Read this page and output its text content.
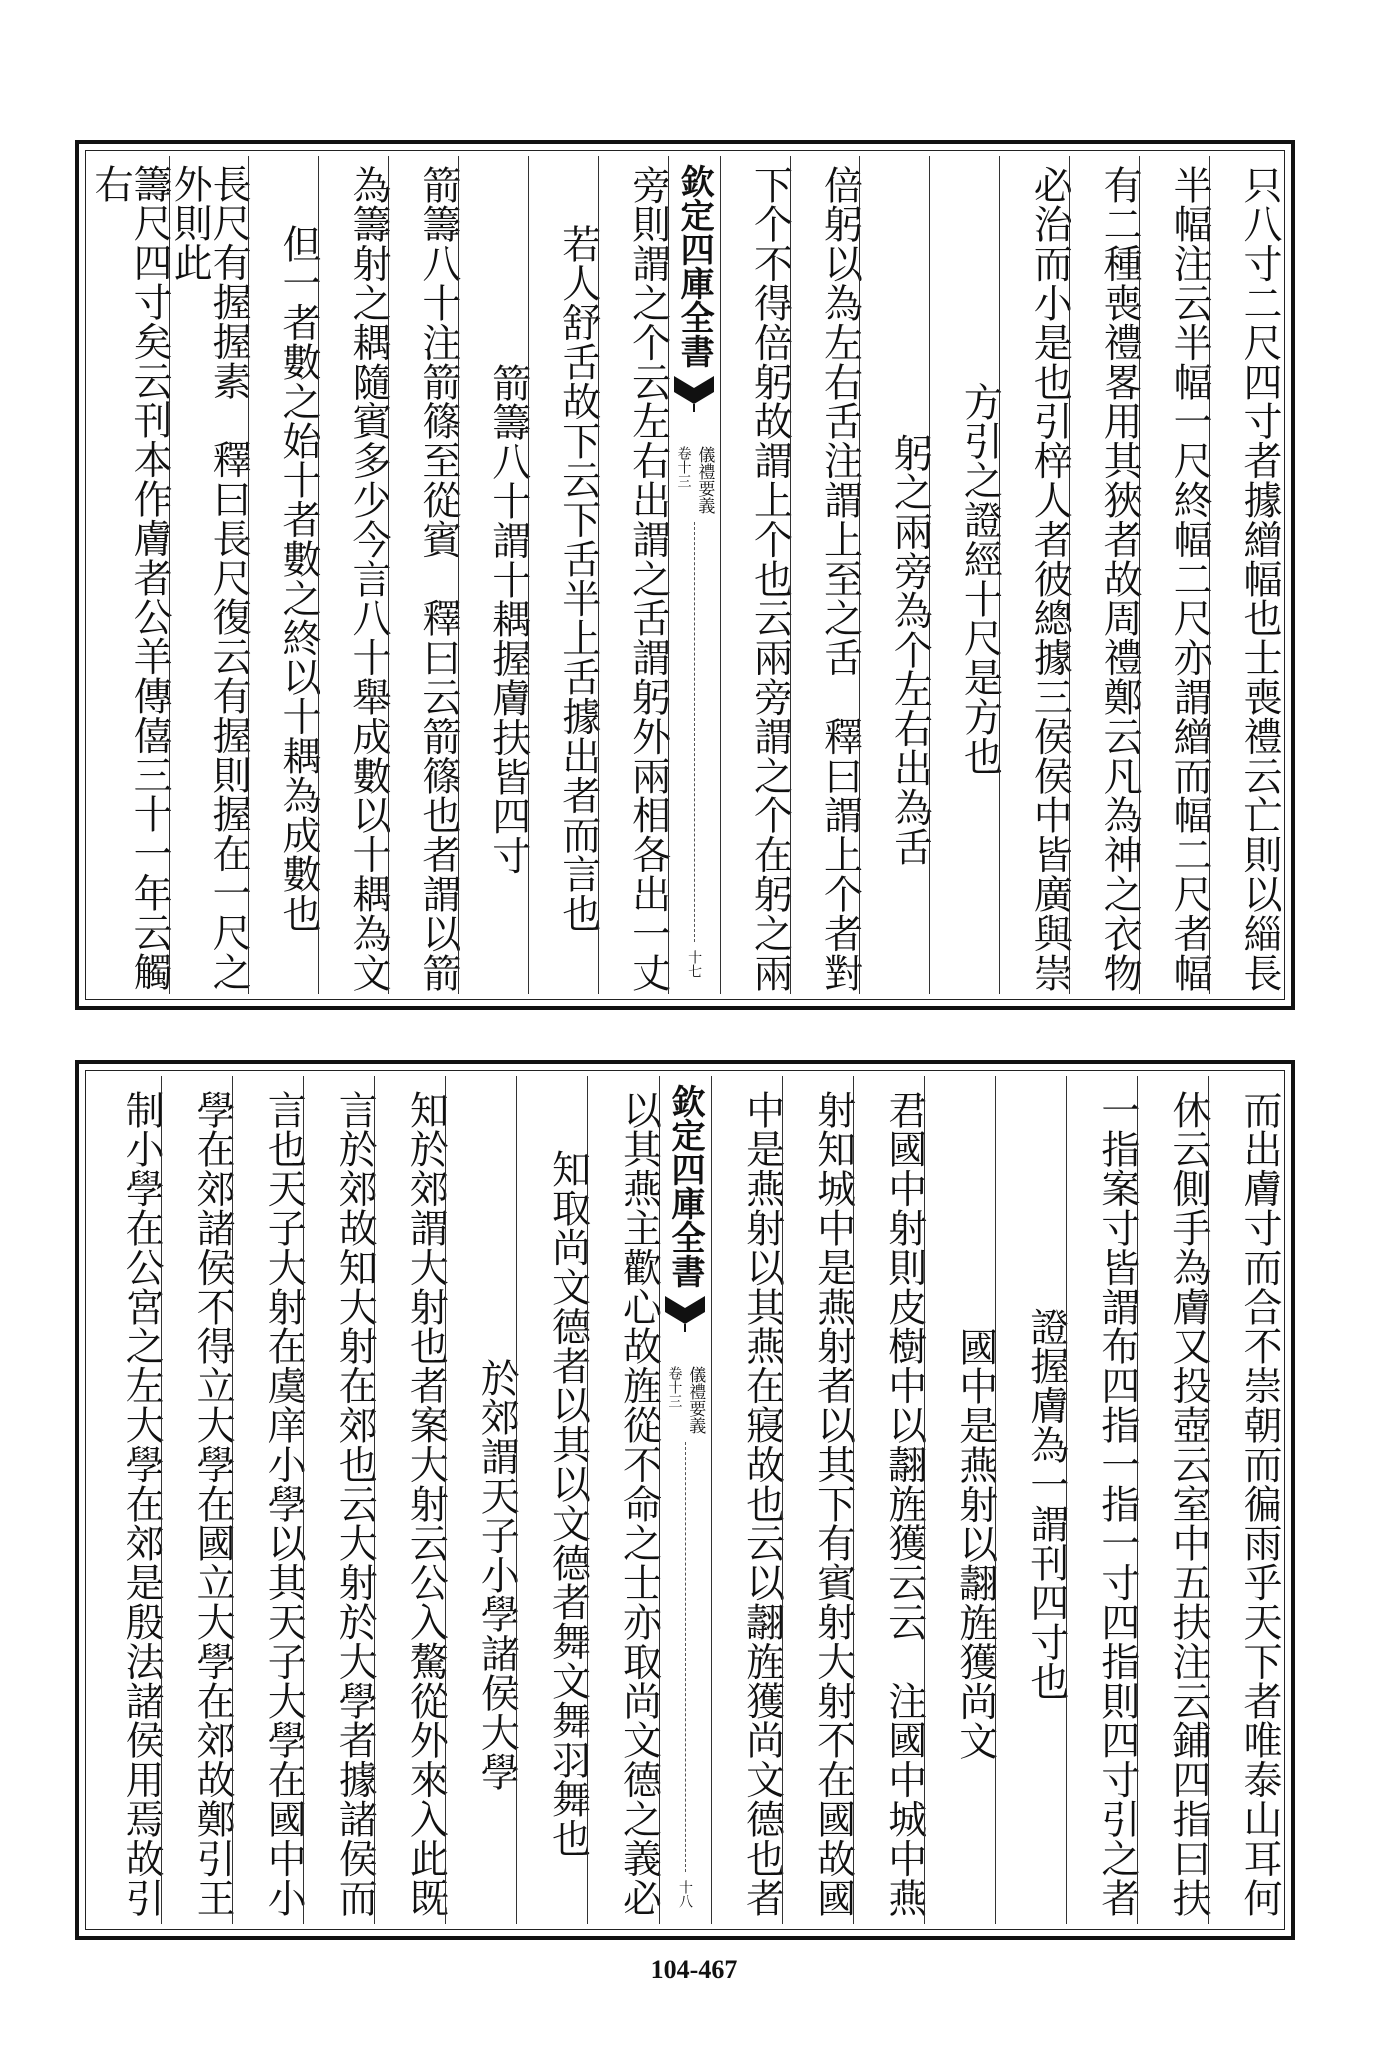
只八寸二尺四寸者據繒幅也士喪禮云亡則以緇長
半幅注云半幅一尺終幅二尺亦謂繒而幅二尺者幅
有二種喪禮畧用其狹者故周禮鄭云凡為神之衣物
必治而小是也引梓人者彼總據三侯侯中皆廣與崇
方引之證經十尺是方也
躬之兩旁為个左右出為舌
倍躬以為左右舌注謂上至之舌　釋曰謂上个者對
下个不得倍躬故謂上个也云兩旁謂之个在躬之兩
欽定四庫全書
儀禮要義
卷十三
十七
旁則謂之个云左右出謂之舌謂躬外兩相各出一丈
若人舒舌故下云下舌半上舌據出者而言也
箭籌八十謂十耦握膚扶皆四寸
箭籌八十注箭篠至從賓　釋曰云箭篠也者謂以箭
為籌射之耦隨賓多少今言八十舉成數以十耦為文
但一者數之始十者數之終以十耦為成數也
長尺有握握素　釋曰長尺復云有握則握在一尺之外則此
籌尺四寸矣云刊本作膚者公羊傳僖三十一年云觸右
而出膚寸而合不崇朝而徧雨乎天下者唯泰山耳何
休云側手為膚又投壺云室中五扶注云鋪四指曰扶
一指案寸皆謂布四指一指一寸四指則四寸引之者
證握膚為一謂刊四寸也
國中是燕射以翿旌獲尚文
君國中射則皮樹中以翿旌獲云云　注國中城中燕
射知城中是燕射者以其下有賓射大射不在國故國
中是燕射以其燕在寢故也云以翿旌獲尚文德也者
欽定四庫全書
儀禮要義
卷十三
十八
以其燕主歡心故旌從不命之士亦取尚文德之義必
知取尚文德者以其以文德者舞文舞羽舞也
於郊謂天子小學諸侯大學
知於郊謂大射也者案大射云公入驁從外來入此既
言於郊故知大射在郊也云大射於大學者據諸侯而
言也天子大射在虞庠小學以其天子大學在國中小
學在郊諸侯不得立大學在國立大學在郊故鄭引王
制小學在公宮之左大學在郊是殷法諸侯用焉故引
104-467
